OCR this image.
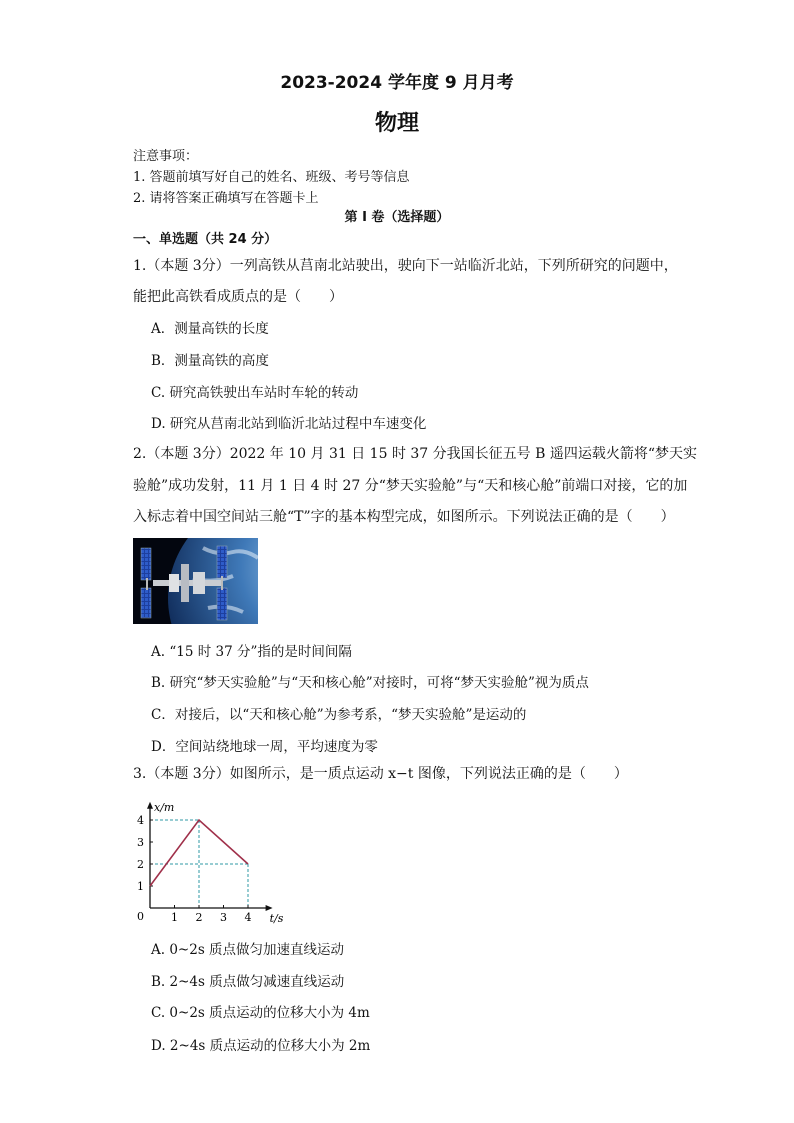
2023-2024 学年度 9 月月考
物理
注意事项：
1. 答题前填写好自己的姓名、班级、考号等信息
2. 请将答案正确填写在答题卡上
第 I 卷（选择题）
一、单选题（共 24 分）
1.（本题 3分）一列高铁从莒南北站驶出，驶向下一站临沂北站，下列所研究的问题中，
能把此高铁看成质点的是（　　）
A．测量高铁的长度
B．测量高铁的高度
C. 研究高铁驶出车站时车轮的转动
D. 研究从莒南北站到临沂北站过程中车速变化
2.（本题 3分）2022 年 10 月 31 日 15 时 37 分我国长征五号 B 遥四运载火箭将“梦天实
验舱”成功发射，11 月 1 日 4 时 27 分“梦天实验舱”与“天和核心舱”前端口对接，它的加
入标志着中国空间站三舱“T”字的基本构型完成，如图所示。下列说法正确的是（　　）
A. “15 时 37 分”指的是时间间隔
B. 研究“梦天实验舱”与“天和核心舱”对接时，可将“梦天实验舱”视为质点
C．对接后，以“天和核心舱”为参考系，“梦天实验舱”是运动的
D．空间站绕地球一周，平均速度为零
3.（本题 3分）如图所示，是一质点运动 x−t 图像，下列说法正确的是（　　）
1 2 3 4
1
2
3
4
0	t/s
x/m
A. 0~2s 质点做匀加速直线运动
B. 2~4s 质点做匀减速直线运动
C. 0~2s 质点运动的位移大小为 4m
D. 2~4s 质点运动的位移大小为 2m
